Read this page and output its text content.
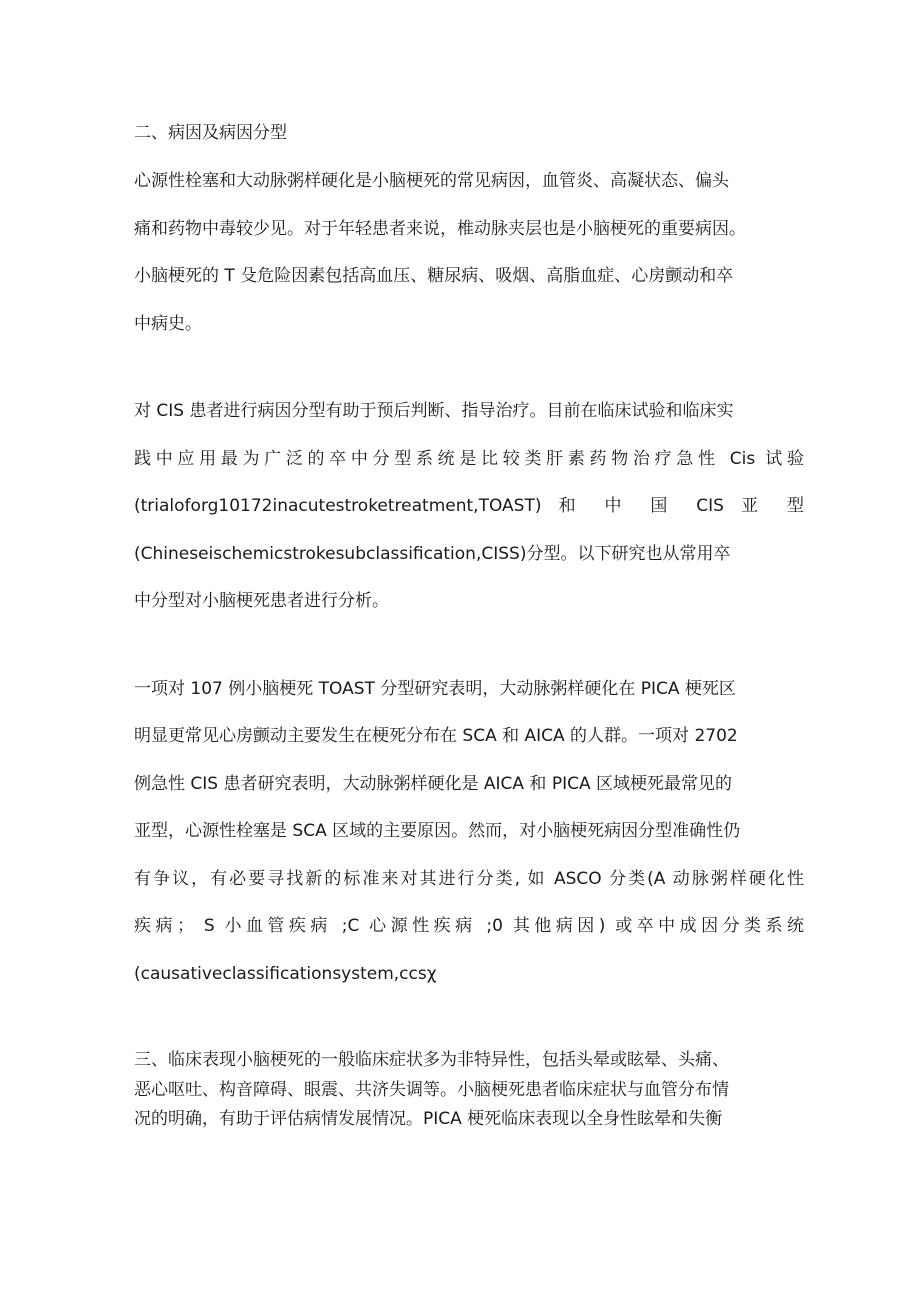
二、病因及病因分型

心源性栓塞和大动脉粥样硬化是小脑梗死的常见病因，血管炎、高凝状态、偏头
痛和药物中毒较少见。对于年轻患者来说，椎动脉夹层也是小脑梗死的重要病因。
小脑梗死的 T 殳危险因素包括高血压、糖尿病、吸烟、高脂血症、心房颤动和卒
中病史。

对 CIS 患者进行病因分型有助于预后判断、指导治疗。目前在临床试验和临床实
践中应用最为广泛的卒中分型系统是比较类肝素药物治疗急性 Cis 试验
(trialoforg10172inacutestroketreatment,TOAST) 和 中 国 CIS 亚 型
(Chineseischemicstrokesubclassification,CISS)分型。以下研究也从常用卒
中分型对小脑梗死患者进行分析。

一项对 107 例小脑梗死 TOAST 分型研究表明，大动脉粥样硬化在 PICA 梗死区
明显更常见心房颤动主要发生在梗死分布在 SCA 和 AICA 的人群。一项对 2702
例急性 CIS 患者研究表明，大动脉粥样硬化是 AICA 和 PICA 区域梗死最常见的
亚型，心源性栓塞是 SCA 区域的主要原因。然而，对小脑梗死病因分型准确性仍
有争议，有必要寻找新的标准来对其进行分类, 如 ASCO 分类(A 动脉粥样硬化性
疾病； S 小血管疾病 ;C 心源性疾病 ;0 其他病因) 或卒中成因分类系统
(causativeclassificationsystem,ccsχ

三、临床表现小脑梗死的一般临床症状多为非特异性，包括头晕或眩晕、头痛、
恶心呕吐、构音障碍、眼震、共济失调等。小脑梗死患者临床症状与血管分布情
况的明确，有助于评估病情发展情况。PICA 梗死临床表现以全身性眩晕和失衡
